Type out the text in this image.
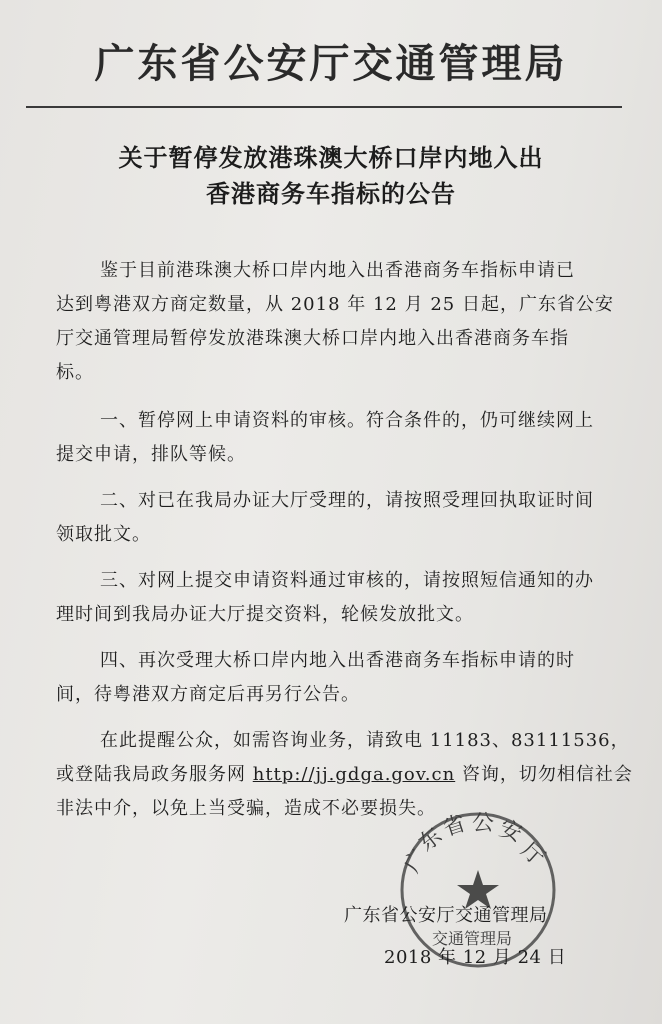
广东省公安厅交通管理局
关于暂停发放港珠澳大桥口岸内地入出
香港商务车指标的公告
鉴于目前港珠澳大桥口岸内地入出香港商务车指标申请已
达到粤港双方商定数量，从 2018 年 12 月 25 日起，广东省公安
厅交通管理局暂停发放港珠澳大桥口岸内地入出香港商务车指
标。
一、暂停网上申请资料的审核。符合条件的，仍可继续网上
提交申请，排队等候。
二、对已在我局办证大厅受理的，请按照受理回执取证时间
领取批文。
三、对网上提交申请资料通过审核的，请按照短信通知的办
理时间到我局办证大厅提交资料，轮候发放批文。
四、再次受理大桥口岸内地入出香港商务车指标申请的时
间，待粤港双方商定后再另行公告。
在此提醒公众，如需咨询业务，请致电 11183、83111536，
或登陆我局政务服务网 http://jj.gdga.gov.cn 咨询，切勿相信社会
非法中介，以免上当受骗，造成不必要损失。
广
东
省 公 安
厅
交通管理局
广东省公安厅交通管理局
2018 年 12 月 24 日
